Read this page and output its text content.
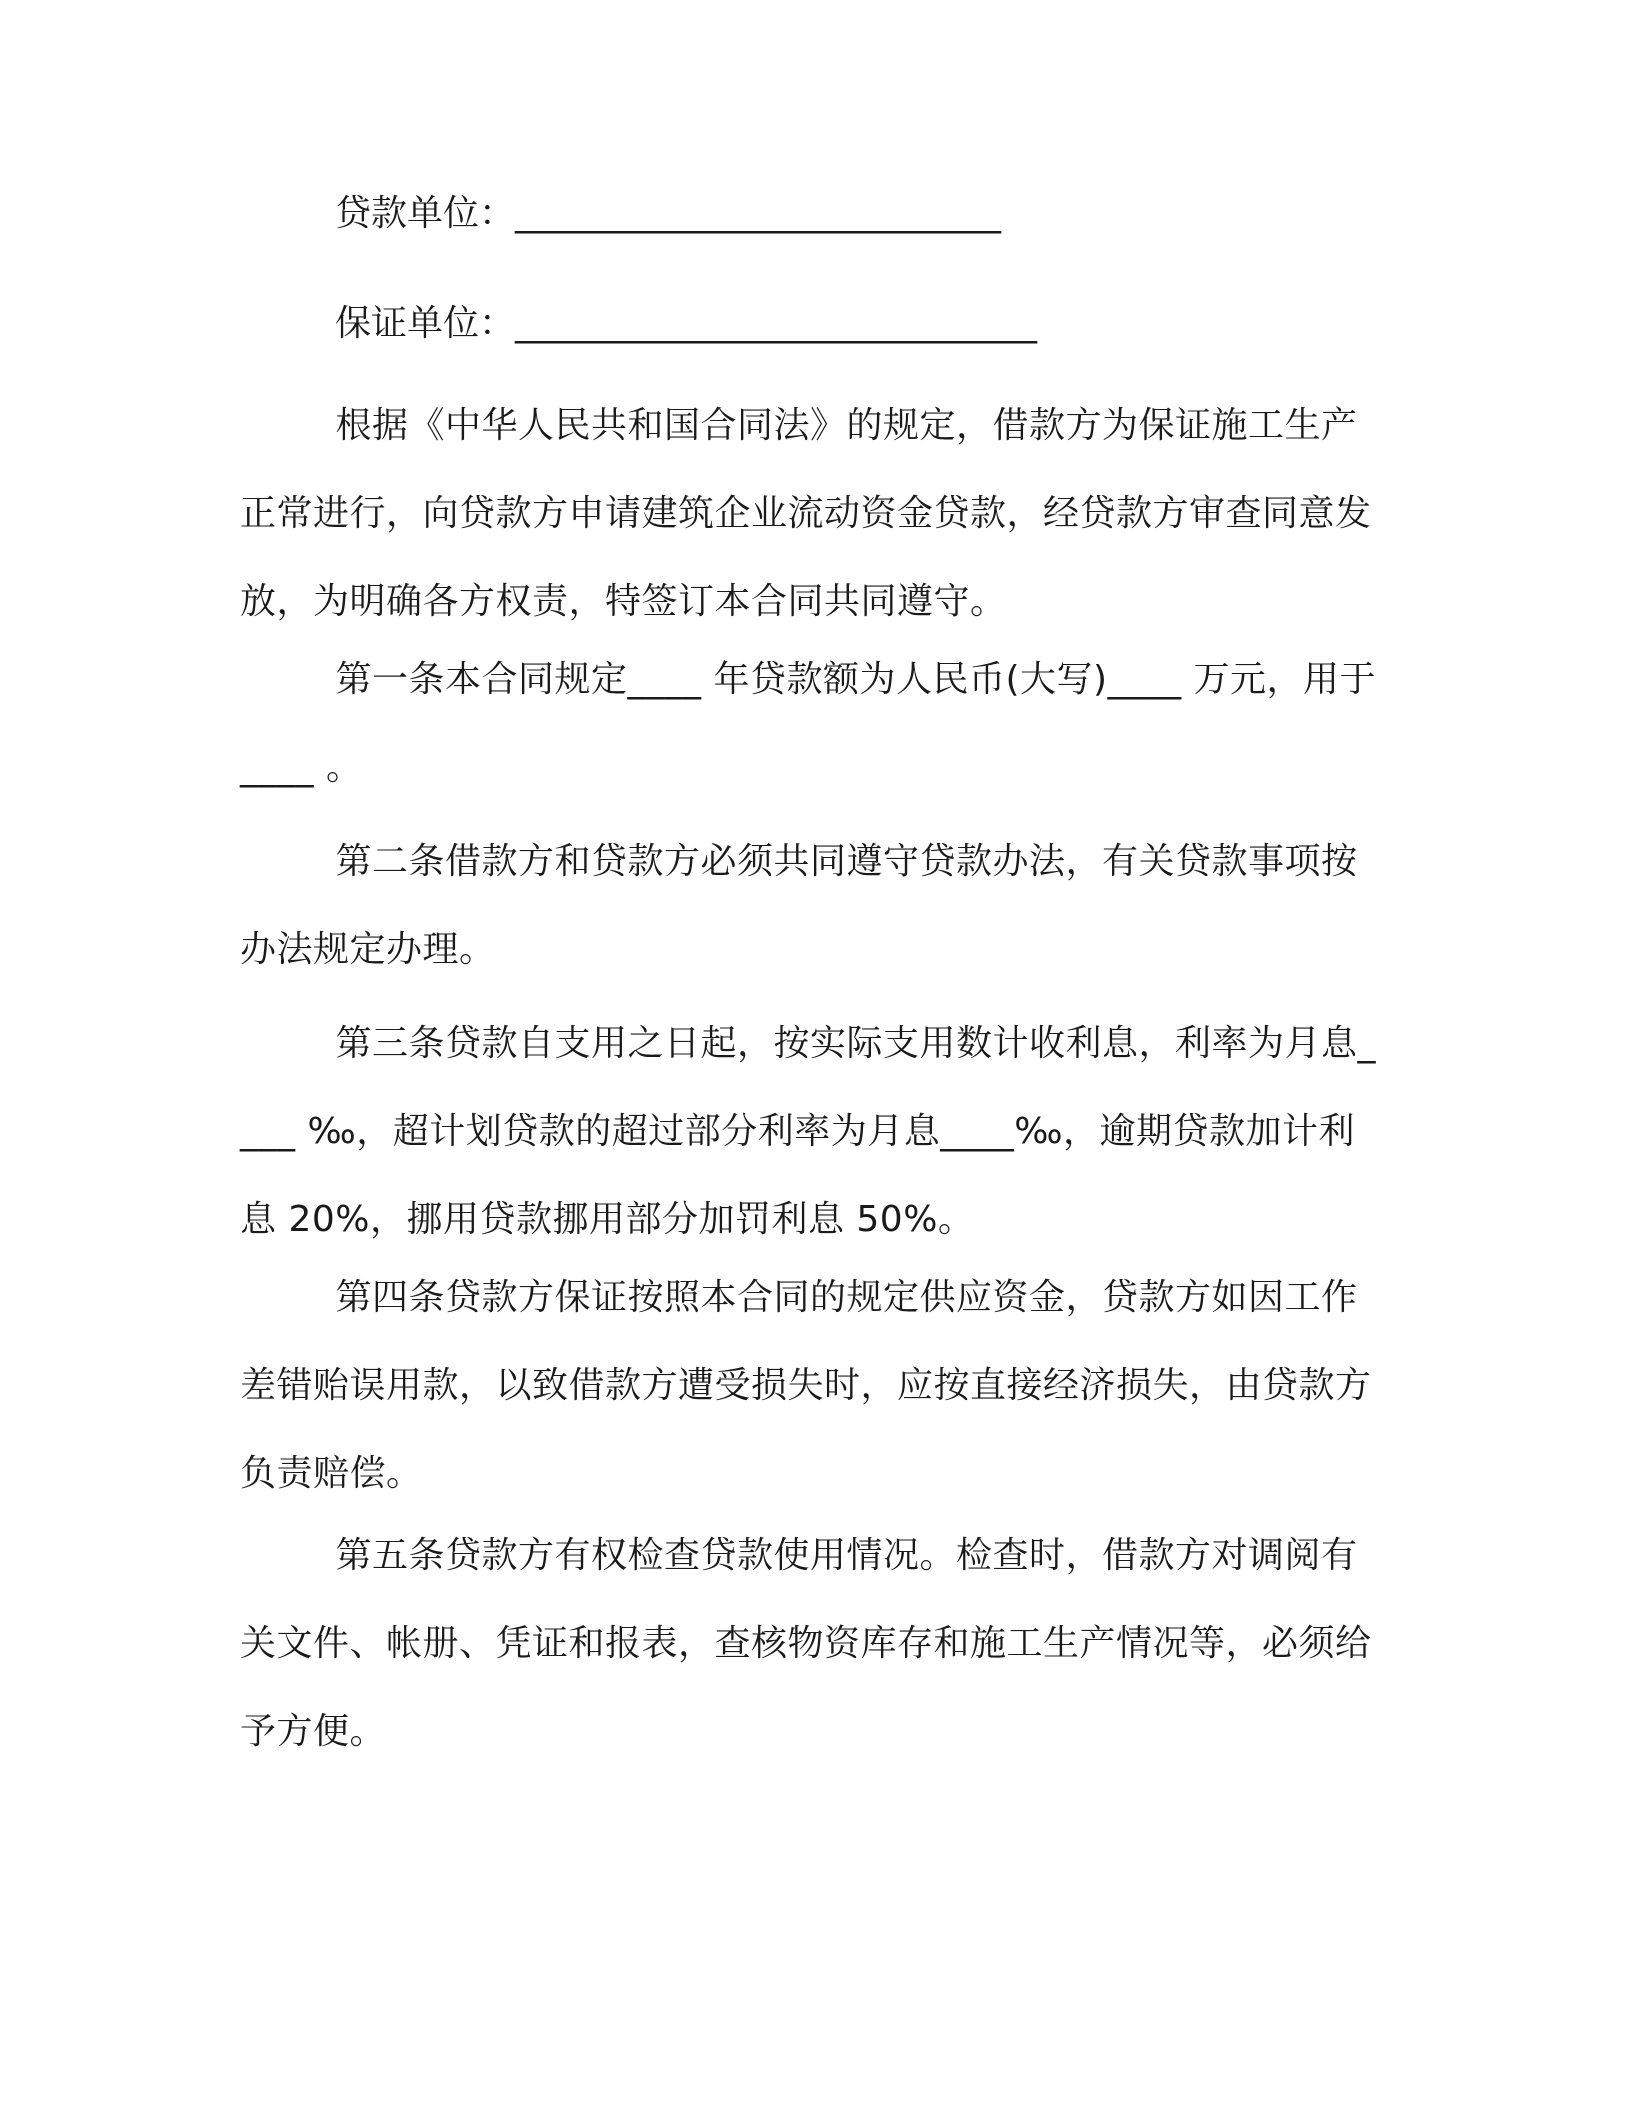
贷款单位：___________________________

保证单位：_____________________________

根据《中华人民共和国合同法》的规定，借款方为保证施工生产正常进行，向贷款方申请建筑企业流动资金贷款，经贷款方审查同意发放，为明确各方权责，特签订本合同共同遵守。

第一条本合同规定____ 年贷款额为人民币(大写)____ 万元，用于____ 。

第二条借款方和贷款方必须共同遵守贷款办法，有关贷款事项按办法规定办理。

第三条贷款自支用之日起，按实际支用数计收利息，利率为月息____ ‰，超计划贷款的超过部分利率为月息____‰，逾期贷款加计利息 20%，挪用贷款挪用部分加罚利息 50%。

第四条贷款方保证按照本合同的规定供应资金，贷款方如因工作差错贻误用款，以致借款方遭受损失时，应按直接经济损失，由贷款方负责赔偿。

第五条贷款方有权检查贷款使用情况。检查时，借款方对调阅有关文件、帐册、凭证和报表，查核物资库存和施工生产情况等，必须给予方便。
